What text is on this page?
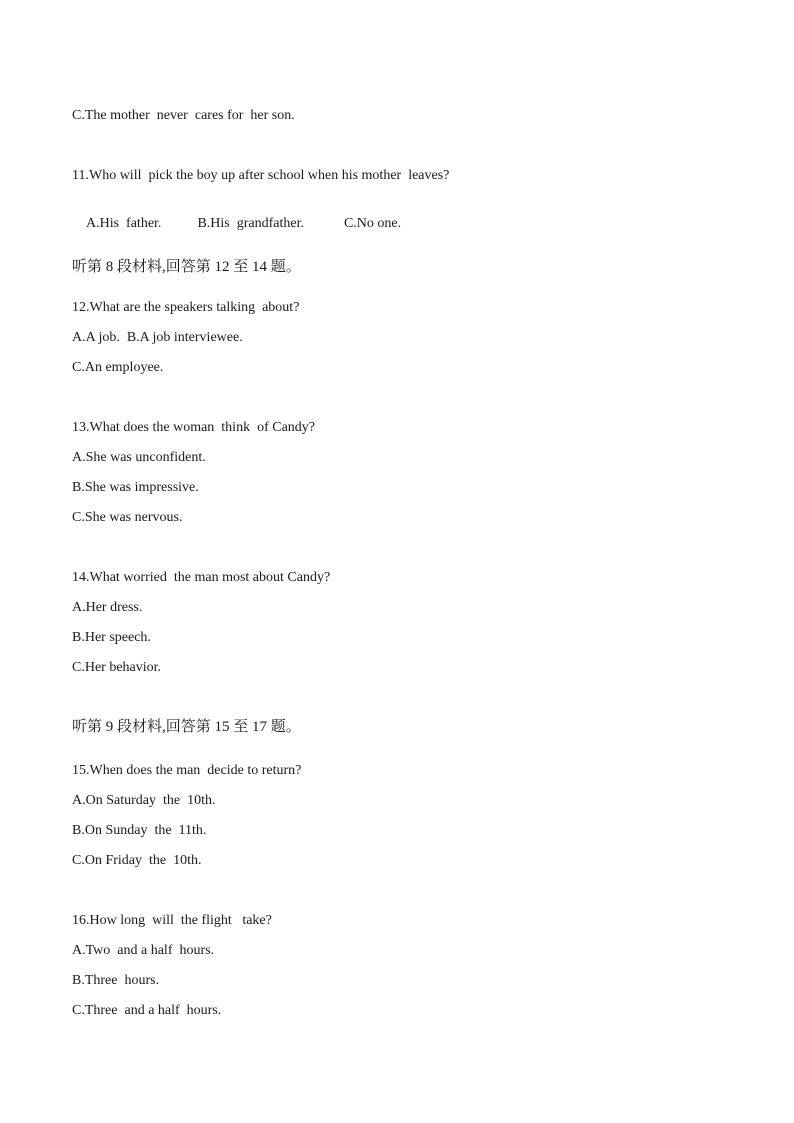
C.The mother  never  cares for  her son.
11.Who will  pick the boy up after school when his mother  leaves?

A.His  father.	B.His  grandfather.	C.No one.

听第 8 段材料,回答第 12 至 14 题。
12.What are the speakers talking  about?
A.A job.  B.A job interviewee.
C.An employee.
13.What does the woman  think  of Candy?
A.She was unconfident.
B.She was impressive.
C.She was nervous.
14.What worried  the man most about Candy?
A.Her dress.
B.Her speech.
C.Her behavior.
听第 9 段材料,回答第 15 至 17 题。
15.When does the man  decide to return?
A.On Saturday  the  10th.
B.On Sunday  the  11th.
C.On Friday  the  10th.
16.How long  will  the flight   take?
A.Two  and a half  hours.
B.Three  hours.
C.Three  and a half  hours.
